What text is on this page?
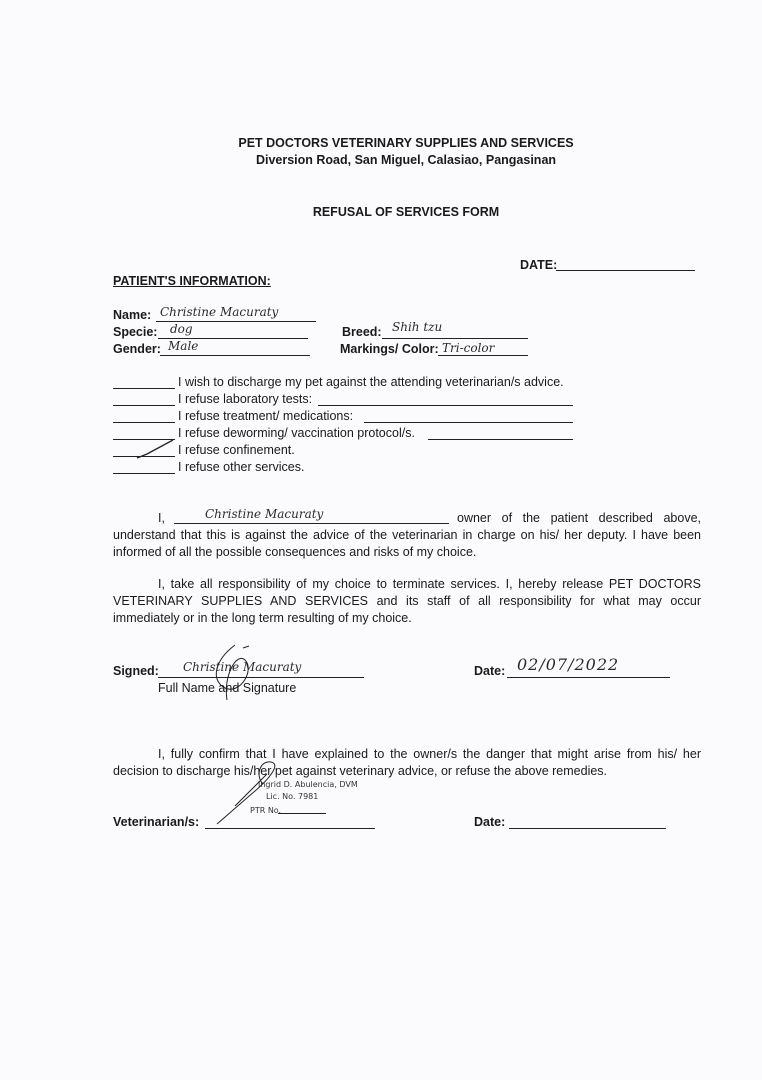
PET DOCTORS VETERINARY SUPPLIES AND SERVICES
Diversion Road, San Miguel, Calasiao, Pangasinan
REFUSAL OF SERVICES FORM
DATE:
PATIENT'S INFORMATION:
Name: Christine Macuraty
Specie: dog
Gender: Male
Breed: Shih tzu
Markings/ Color: Tri-color
I wish to discharge my pet against the attending veterinarian/s advice.
I refuse laboratory tests:
I refuse treatment/ medications:
I refuse deworming/ vaccination protocol/s.
I refuse confinement.
I refuse other services.
I,	Christine Macuraty	owner of the patient described above,
understand that this is against the advice of the veterinarian in charge on his/ her deputy. I have been informed of all the possible consequences and risks of my choice.
I, take all responsibility of my choice to terminate services. I, hereby release PET DOCTORS VETERINARY SUPPLIES AND SERVICES and its staff of all responsibility for what may occur immediately or in the long term resulting of my choice.
Signed: Christine Macuraty
Full Name and Signature
Date: 02/07/2022
I, fully confirm that I have explained to the owner/s the danger that might arise from his/ her decision to discharge his/her pet against veterinary advice, or refuse the above remedies.
Ingrid D. Abulencia, DVM
Lic. No. 7981
PTR No.
Veterinarian/s:	Date:
